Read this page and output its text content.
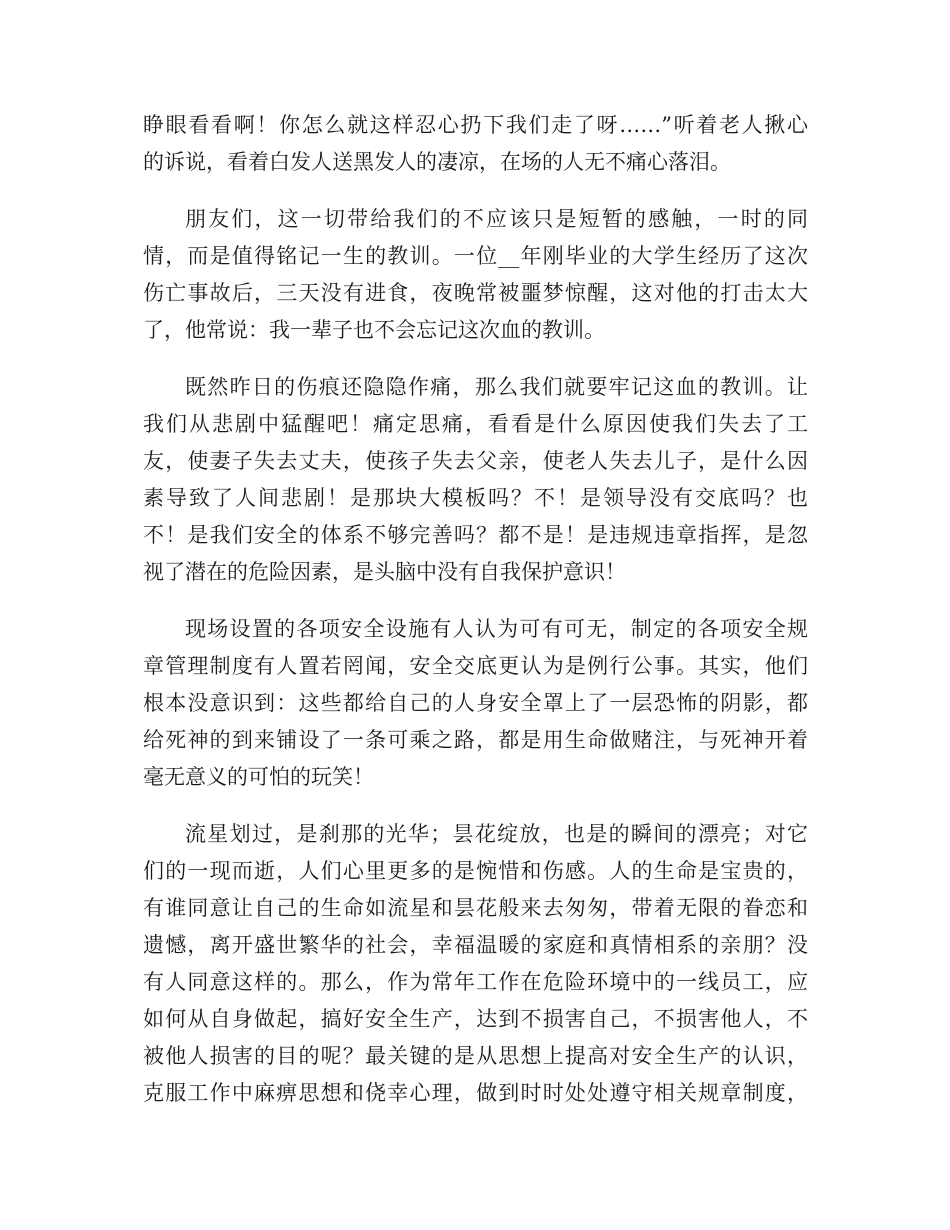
睁眼看看啊！你怎么就这样忍心扔下我们走了呀……”听着老人揪心
的诉说，看着白发人送黑发人的凄凉，在场的人无不痛心落泪。
朋友们，这一切带给我们的不应该只是短暂的感触，一时的同
情，而是值得铭记一生的教训。一位__年刚毕业的大学生经历了这次
伤亡事故后，三天没有进食，夜晚常被噩梦惊醒，这对他的打击太大
了，他常说：我一辈子也不会忘记这次血的教训。
既然昨日的伤痕还隐隐作痛，那么我们就要牢记这血的教训。让
我们从悲剧中猛醒吧！痛定思痛，看看是什么原因使我们失去了工
友，使妻子失去丈夫，使孩子失去父亲，使老人失去儿子，是什么因
素导致了人间悲剧！是那块大模板吗？不！是领导没有交底吗？也
不！是我们安全的体系不够完善吗？都不是！是违规违章指挥，是忽
视了潜在的危险因素，是头脑中没有自我保护意识！
现场设置的各项安全设施有人认为可有可无，制定的各项安全规
章管理制度有人置若罔闻，安全交底更认为是例行公事。其实，他们
根本没意识到：这些都给自己的人身安全罩上了一层恐怖的阴影，都
给死神的到来铺设了一条可乘之路，都是用生命做赌注，与死神开着
毫无意义的可怕的玩笑！
流星划过，是刹那的光华；昙花绽放，也是的瞬间的漂亮；对它
们的一现而逝，人们心里更多的是惋惜和伤感。人的生命是宝贵的，
有谁同意让自己的生命如流星和昙花般来去匆匆，带着无限的眷恋和
遗憾，离开盛世繁华的社会，幸福温暖的家庭和真情相系的亲朋？没
有人同意这样的。那么，作为常年工作在危险环境中的一线员工，应
如何从自身做起，搞好安全生产，达到不损害自己，不损害他人，不
被他人损害的目的呢？最关键的是从思想上提高对安全生产的认识，
克服工作中麻痹思想和侥幸心理，做到时时处处遵守相关规章制度，
